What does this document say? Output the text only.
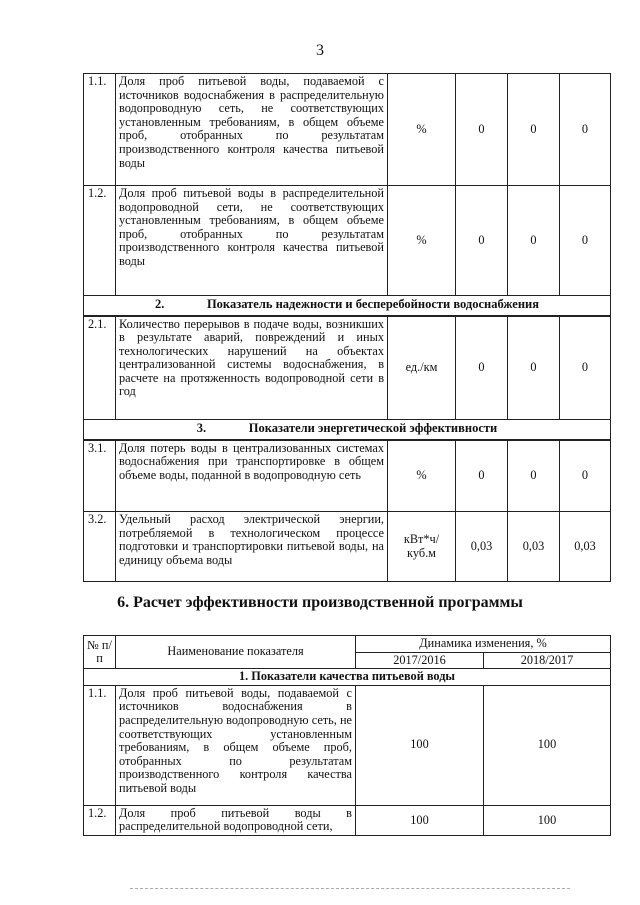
3
1.1.	Доля проб питьевой воды, подаваемой с источников водоснабжения в распределительную водопроводную сеть, не соответствующих установленным требованиям, в общем объеме проб, отобранных по результатам производственного контроля качества питьевой воды	%	0	0	0
1.2.	Доля проб питьевой воды в распределительной водопроводной сети, не соответствующих установленным требованиям, в общем объеме проб, отобранных по результатам производственного контроля качества питьевой воды	%	0	0	0
2. Показатель надежности и бесперебойности водоснабжения					
2.1.	Количество перерывов в подаче воды, возникших в результате аварий, повреждений и иных технологических нарушений на объектах централизованной системы водоснабжения, в расчете на протяженность водопроводной сети в год	ед./км	0	0	0
3. Показатели энергетической эффективности					
3.1.	Доля потерь воды в централизованных системах водоснабжения при транспортировке в общем объеме воды, поданной в водопроводную сеть	%	0	0	0
3.2.	Удельный расход электрической энергии, потребляемой в технологическом процессе подготовки и транспортировки питьевой воды, на единицу объема воды	кВт*ч/ куб.м	0,03	0,03	0,03
6. Расчет эффективности производственной программы
№ п/п	Наименование показателя	Динамика изменения, %	
		2017/2016	2018/2017
1. Показатели качества питьевой воды			
1.1.	Доля проб питьевой воды, подаваемой с источников водоснабжения в распределительную водопроводную сеть, не соответствующих установленным требованиям, в общем объеме проб, отобранных по результатам производственного контроля качества питьевой воды	100	100
1.2.	Доля проб питьевой воды в распределительной водопроводной сети,	100	100
